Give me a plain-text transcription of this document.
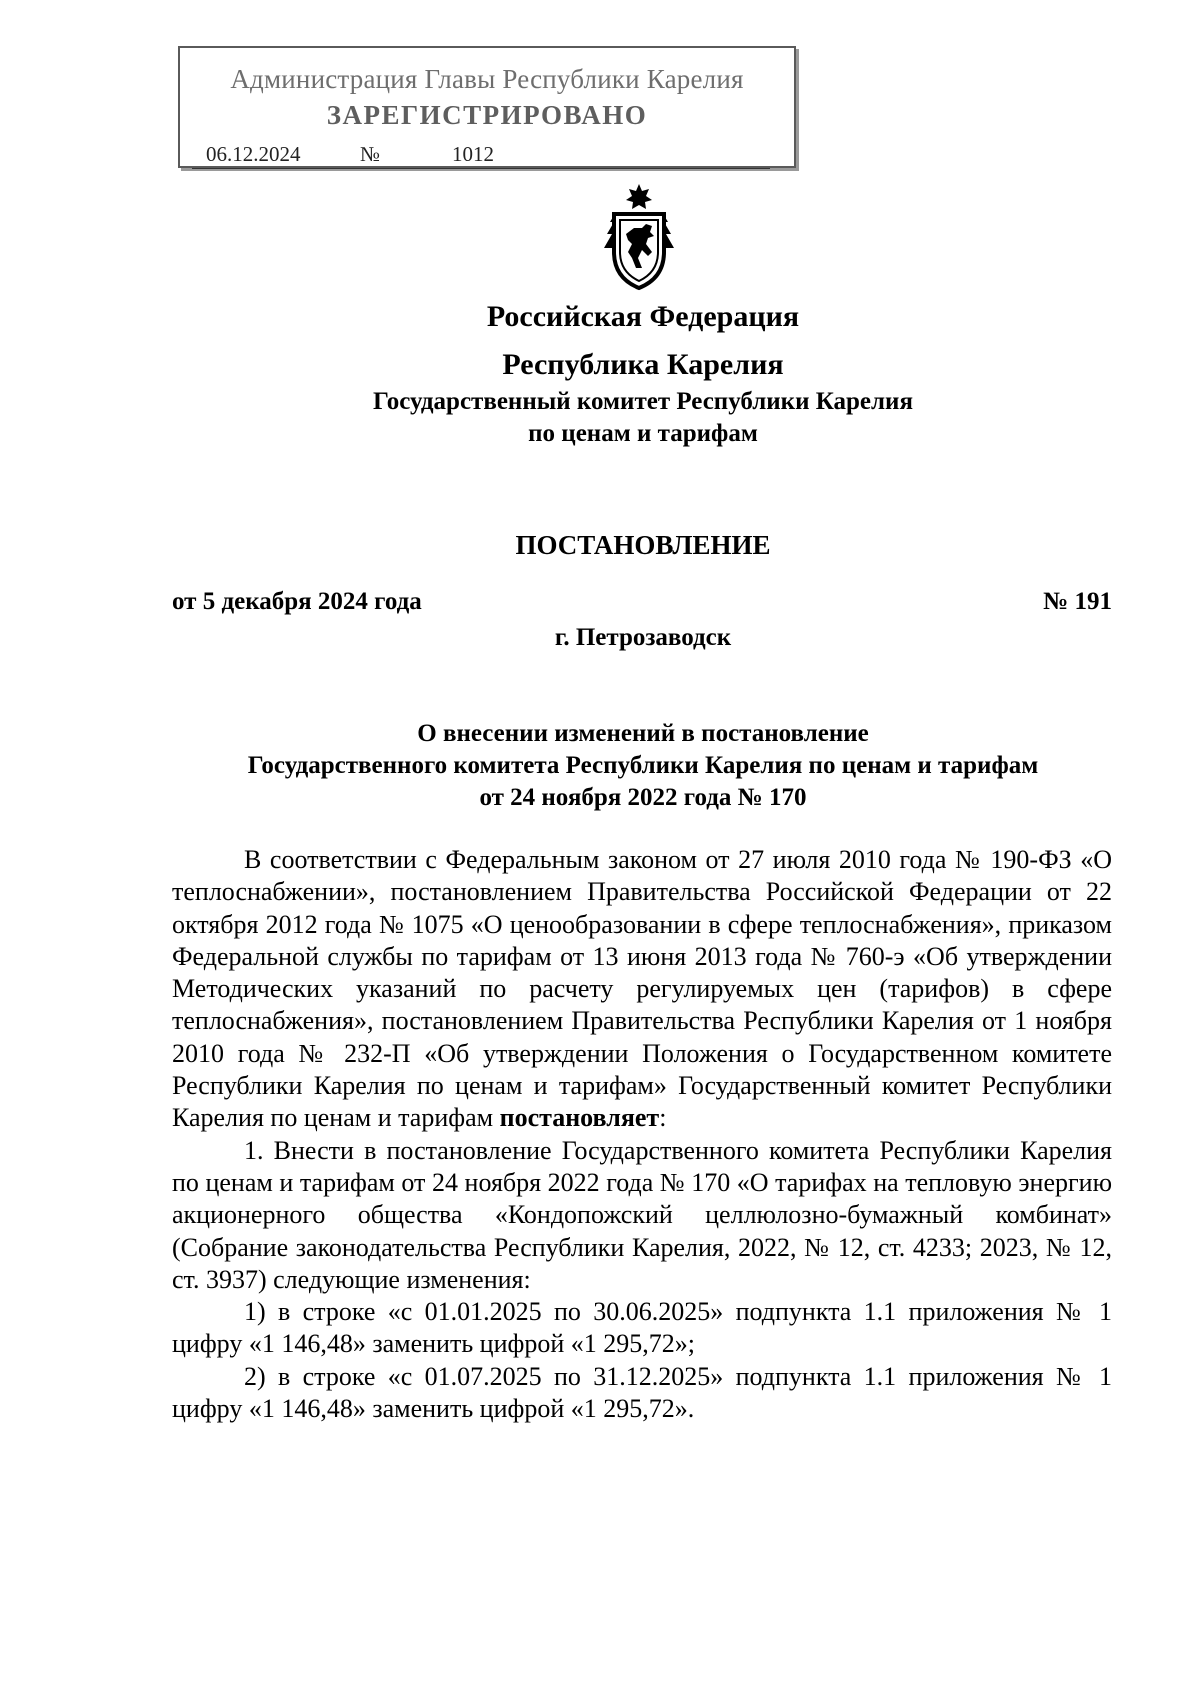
Администрация Главы Республики Карелия
ЗАРЕГИСТРИРОВАНО
06.12.2024	№	1012
Российская Федерация
Республика Карелия
Государственный комитет Республики Карелия
по ценам и тарифам
ПОСТАНОВЛЕНИЕ
от 5 декабря 2024 года	№ 191
г. Петрозаводск
О внесении изменений в постановление
Государственного комитета Республики Карелия по ценам и тарифам
от 24 ноября 2022 года № 170

В соответствии с Федеральным законом от 27 июля 2010 года № 190-ФЗ «О теплоснабжении», постановлением Правительства Российской Федерации от 22 октября 2012 года № 1075 «О ценообразовании в сфере теплоснабжения», приказом Федеральной службы по тарифам от 13 июня 2013 года № 760-э «Об утверждении Методических указаний по расчету регулируемых цен (тарифов) в сфере теплоснабжения», постановлением Правительства Республики Карелия от 1 ноября 2010 года № 232-П «Об утверждении Положения о Государственном комитете Республики Карелия по ценам и тарифам» Государственный комитет Республики Карелия по ценам и тарифам постановляет:

1. Внести в постановление Государственного комитета Республики Карелия по ценам и тарифам от 24 ноября 2022 года № 170 «О тарифах на тепловую энергию акционерного общества «Кондопожский целлюлозно-бумажный комбинат» (Собрание законодательства Республики Карелия, 2022, № 12, ст. 4233; 2023, № 12, ст. 3937) следующие изменения:

1) в строке «с 01.01.2025 по 30.06.2025» подпункта 1.1 приложения № 1 цифру «1 146,48» заменить цифрой «1 295,72»;

2) в строке «с 01.07.2025 по 31.12.2025» подпункта 1.1 приложения № 1 цифру «1 146,48» заменить цифрой «1 295,72».
